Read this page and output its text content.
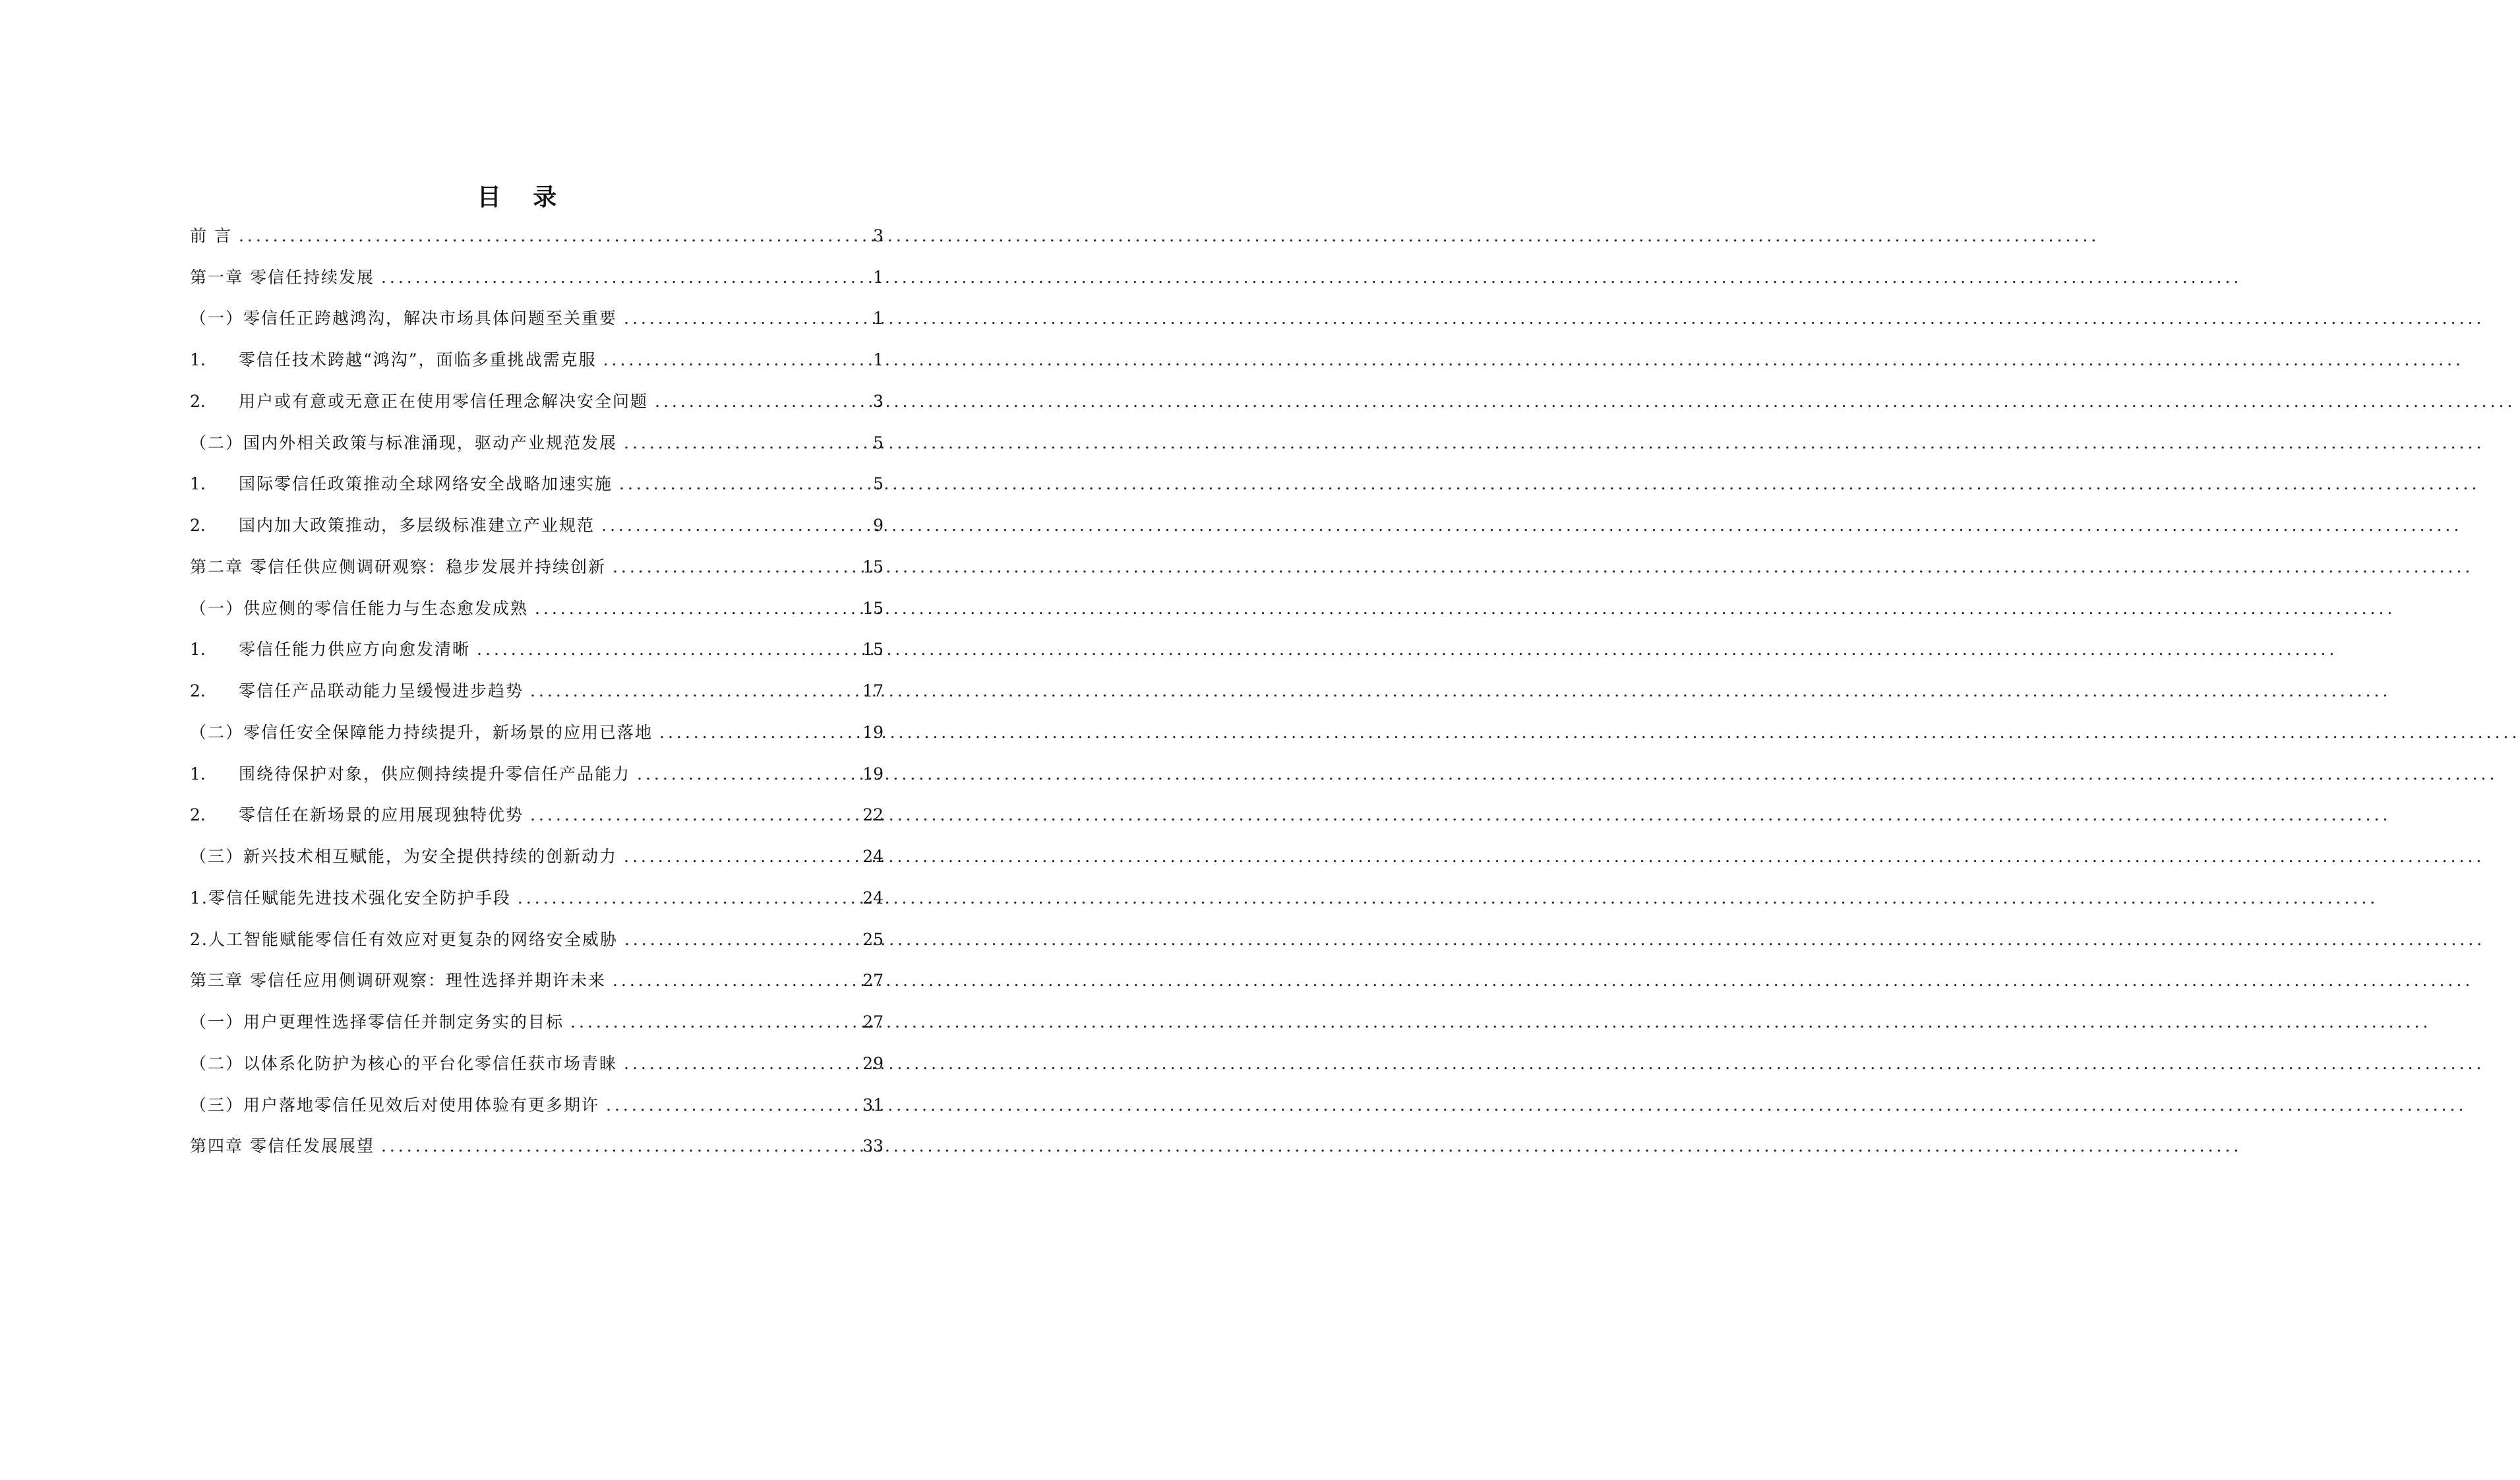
目 录
前 言 .....	3
第一章 零信任持续发展 .....	1
（一）零信任正跨越鸿沟，解决市场具体问题至关重要 .....	1
1.	零信任技术跨越“鸿沟”，面临多重挑战需克服 .....	1
2.	用户或有意或无意正在使用零信任理念解决安全问题 .....	3
（二）国内外相关政策与标准涌现，驱动产业规范发展 .....	5
1.	国际零信任政策推动全球网络安全战略加速实施 .....	5
2.	国内加大政策推动，多层级标准建立产业规范 .....	9
第二章 零信任供应侧调研观察：稳步发展并持续创新 .....	15
（一）供应侧的零信任能力与生态愈发成熟 .....	15
1.	零信任能力供应方向愈发清晰 .....	15
2.	零信任产品联动能力呈缓慢进步趋势 .....	17
（二）零信任安全保障能力持续提升，新场景的应用已落地 .....	19
1.	围绕待保护对象，供应侧持续提升零信任产品能力 .....	19
2.	零信任在新场景的应用展现独特优势 .....	22
（三）新兴技术相互赋能，为安全提供持续的创新动力 .....	24
1.零信任赋能先进技术强化安全防护手段 .....	24
2.人工智能赋能零信任有效应对更复杂的网络安全威胁 .....	25
第三章 零信任应用侧调研观察：理性选择并期许未来 .....	27
（一）用户更理性选择零信任并制定务实的目标 .....	27
（二）以体系化防护为核心的平台化零信任获市场青睐 .....	29
（三）用户落地零信任见效后对使用体验有更多期许 .....	31
第四章 零信任发展展望 .....	33
